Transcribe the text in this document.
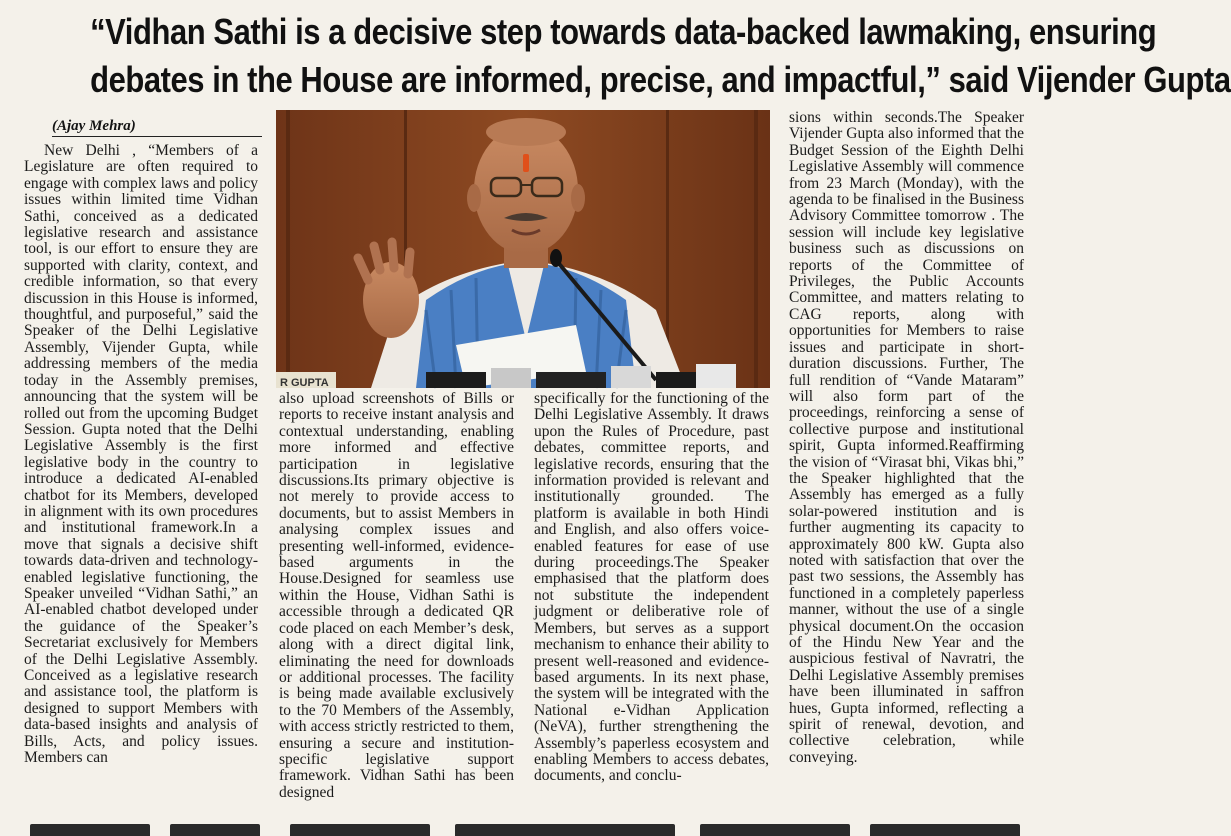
“Vidhan Sathi is a decisive step towards data-backed lawmaking, ensuring
debates in the House are informed, precise, and impactful,” said Vijender Gupta
(Ajay Mehra)
New Delhi , “Members of a Legislature are often required to engage with complex laws and policy issues within limited time Vidhan Sathi, conceived as a dedicated legislative research and assistance tool, is our effort to ensure they are supported with clarity, context, and credible information, so that every discussion in this House is informed, thoughtful, and purposeful,” said the Speaker of the Delhi Legislative Assembly, Vijender Gupta, while addressing members of the media today in the Assembly premises, announcing that the system will be rolled out from the upcoming Budget Session. Gupta noted that the Delhi Legislative Assembly is the first legislative body in the country to introduce a dedicated AI-enabled chatbot for its Members, developed in alignment with its own procedures and institutional framework.In a move that signals a decisive shift towards data-driven and technology-enabled legislative functioning, the Speaker unveiled “Vidhan Sathi,” an AI-enabled chatbot developed under the guidance of the Speaker’s Secretariat exclusively for Members of the Delhi Legislative Assembly. Conceived as a legislative research and assistance tool, the platform is designed to support Members with data-based insights and analysis of Bills, Acts, and policy issues. Members can
R GUPTA
also upload screenshots of Bills or reports to receive instant analysis and contextual understanding, enabling more informed and effective participation in legislative discussions.Its primary objective is not merely to provide access to documents, but to assist Members in analysing complex issues and presenting well-informed, evidence-based arguments in the House.Designed for seamless use within the House, Vidhan Sathi is accessible through a dedicated QR code placed on each Member’s desk, along with a direct digital link, eliminating the need for downloads or additional processes. The facility is being made available exclusively to the 70 Members of the Assembly, with access strictly restricted to them, ensuring a secure and institution-specific legislative support framework. Vidhan Sathi has been designed
specifically for the functioning of the Delhi Legislative Assembly. It draws upon the Rules of Procedure, past debates, committee reports, and legislative records, ensuring that the information provided is relevant and institutionally grounded. The platform is available in both Hindi and English, and also offers voice-enabled features for ease of use during proceedings.The Speaker emphasised that the platform does not substitute the independent judgment or deliberative role of Members, but serves as a support mechanism to enhance their ability to present well-reasoned and evidence-based arguments. In its next phase, the system will be integrated with the National e-Vidhan Application (NeVA), further strengthening the Assembly’s paperless ecosystem and enabling Members to access debates, documents, and conclu-
sions within seconds.The Speaker Vijender Gupta also informed that the Budget Session of the Eighth Delhi Legislative Assembly will commence from 23 March (Monday), with the agenda to be finalised in the Business Advisory Committee tomorrow . The session will include key legislative business such as discussions on reports of the Committee of Privileges, the Public Accounts Committee, and matters relating to CAG reports, along with opportunities for Members to raise issues and participate in short-duration discussions. Further, The full rendition of “Vande Mataram” will also form part of the proceedings, reinforcing a sense of collective purpose and institutional spirit, Gupta informed.Reaffirming the vision of “Virasat bhi, Vikas bhi,” the Speaker highlighted that the Assembly has emerged as a fully solar-powered institution and is further augmenting its capacity to approximately 800 kW. Gupta also noted with satisfaction that over the past two sessions, the Assembly has functioned in a completely paperless manner, without the use of a single physical document.On the occasion of the Hindu New Year and the auspicious festival of Navratri, the Delhi Legislative Assembly premises have been illuminated in saffron hues, Gupta informed, reflecting a spirit of renewal, devotion, and collective celebration, while conveying.
